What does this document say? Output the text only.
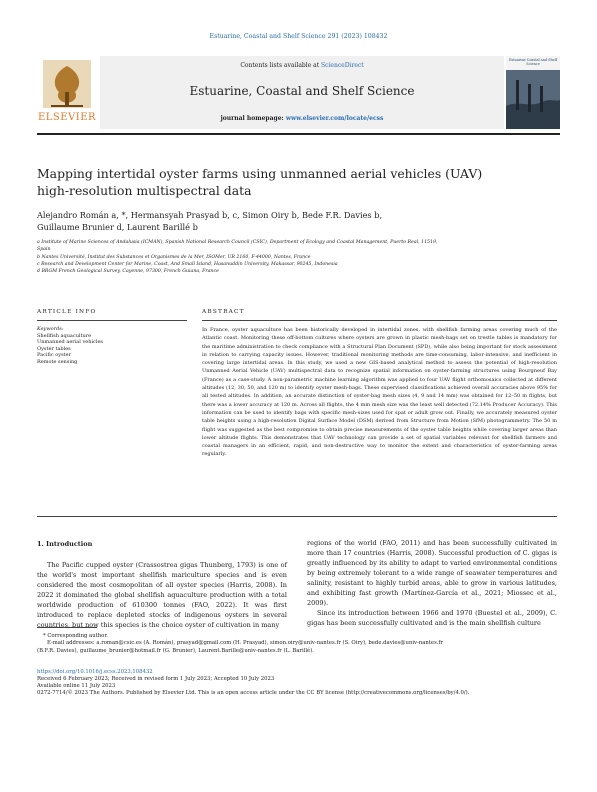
Estuarine, Coastal and Shelf Science 291 (2023) 108432
ELSEVIER
Contents lists available at ScienceDirect
Estuarine, Coastal and Shelf Science
journal homepage: www.elsevier.com/locate/ecss
Estuarine Coastal and Shelf Science
Mapping intertidal oyster farms using unmanned aerial vehicles (UAV)
high-resolution multispectral data
Alejandro Román a, *, Hermansyah Prasyad b, c, Simon Oiry b, Bede F.R. Davies b,
Guillaume Brunier d, Laurent Barillé b
a Institute of Marine Sciences of Andalusia (ICMAN), Spanish National Research Council (CSIC), Department of Ecology and Coastal Management, Puerto Real, 11519,
Spain
b Nantes Université, Institut des Substances et Organismes de la Mer, ISOMer, UR 2160, F-44000, Nantes, France
c Research and Development Center for Marine, Coast, And Small Island, Hasanuddin University, Makassar, 90245, Indonesia
d BRGM French Geological Survey, Cayenne, 97300, French Guiana, France
ARTICLE INFO	ABSTRACT
Keywords:
Shellfish aquaculture
Unmanned aerial vehicles
Oyster tables
Pacific oyster
Remote sensing
In France, oyster aquaculture has been historically developed in intertidal zones, with shellfish farming areas covering much of the Atlantic coast. Monitoring these off-bottom cultures where oysters are grown in plastic mesh-bags set on trestle tables is mandatory for the maritime administration to check compliance with a Structural Plan Document (SPD), while also being important for stock assessment in relation to carrying capacity issues. However, traditional monitoring methods are time-consuming, labor-intensive, and inefficient in covering large intertidal areas. In this study, we used a new GIS-based analytical method to assess the potential of high-resolution Unmanned Aerial Vehicle (UAV) multispectral data to recognize spatial information on oyster-farming structures using Bourgneuf Bay (France) as a case-study. A non-parametric machine learning algorithm was applied to four UAV flight orthomosaics collected at different altitudes (12, 30, 50, and 120 m) to identify oyster mesh-bags. These supervised classifications achieved overall accuracies above 95% for all tested altitudes. In addition, an accurate distinction of oyster-bag mesh sizes (4, 9 and 14 mm) was obtained for 12–50 m flights, but there was a lower accuracy at 120 m. Across all flights, the 4 mm mesh size was the least well detected (72.14% Producer Accuracy). This information can be used to identify bags with specific mesh-sizes used for spat or adult grow out. Finally, we accurately measured oyster table heights using a high-resolution Digital Surface Model (DSM) derived from Structure from Motion (SfM) photogrammetry. The 50 m flight was suggested as the best compromise to obtain precise measurements of the oyster table heights while covering larger areas than lower altitude flights. This demonstrates that UAV technology can provide a set of spatial variables relevant for shellfish farmers and coastal managers in an efficient, rapid, and non-destructive way to monitor the extent and characteristics of oyster-farming areas regularly.
1. Introduction
The Pacific cupped oyster (Crassostrea gigas Thunberg, 1793) is one of the world's most important shellfish mariculture species and is even considered the most cosmopolitan of all oyster species (Harris, 2008). In 2022 it dominated the global shellfish aquaculture production with a total worldwide production of 610300 tonnes (FAO, 2022). It was first introduced to replace depleted stocks of indigenous oysters in several countries, but now this species is the choice oyster of cultivation in many
regions of the world (FAO, 2011) and has been successfully cultivated in more than 17 countries (Harris, 2008). Successful production of C. gigas is greatly influenced by its ability to adapt to varied environmental conditions by being extremely tolerant to a wide range of seawater temperatures and salinity, resistant to highly turbid areas, able to grow in various latitudes, and exhibiting fast growth (Martínez-García et al., 2021; Miossec et al., 2009).
Since its introduction between 1966 and 1970 (Buestel et al., 2009), C. gigas has been successfully cultivated and is the main shellfish culture
* Corresponding author.
E-mail addresses: a.roman@csic.es (A. Román), prasyad@gmail.com (H. Prasyad), simon.oiry@univ-nantes.fr (S. Oiry), bede.davies@univ-nantes.fr
(B.F.R. Davies), guillaume_brunier@hotmail.fr (G. Brunier), Laurent.Barille@univ-nantes.fr (L. Barillé).
https://doi.org/10.1016/j.ecss.2023.108432
Received 6 February 2023; Received in revised form 1 July 2023; Accepted 10 July 2023
Available online 11 July 2023
0272-7714/© 2023 The Authors. Published by Elsevier Ltd. This is an open access article under the CC BY license (http://creativecommons.org/licenses/by/4.0/).
